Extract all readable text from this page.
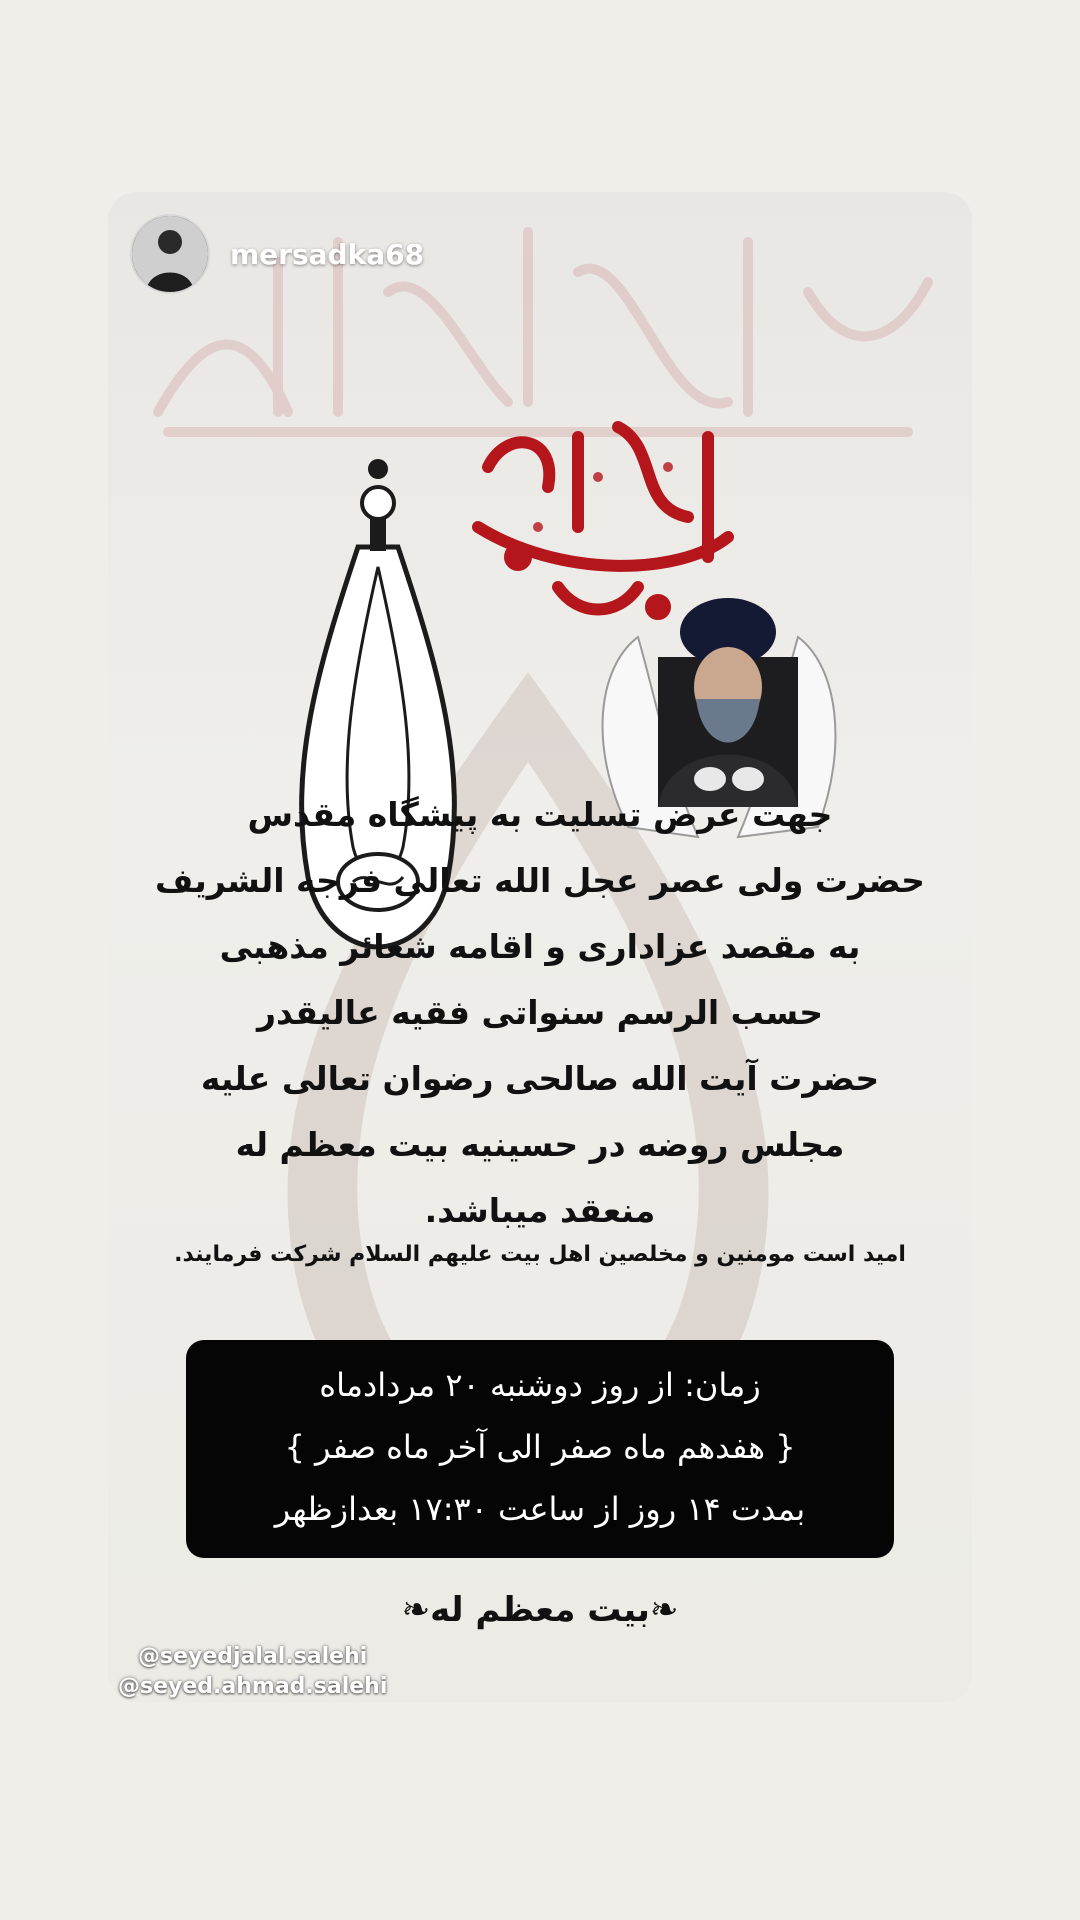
mersadka68
جهت عرض تسلیت به پیشگاه مقدس
حضرت ولی عصر عجل الله تعالی فرجه الشریف
به مقصد عزاداری و اقامه شعائر مذهبی
حسب الرسم سنواتی فقیه عالیقدر
حضرت آیت الله صالحی رضوان تعالی علیه
مجلس روضه در حسینیه بیت معظم له
منعقد میباشد.
امید است مومنین و مخلصین اهل بیت علیهم السلام شرکت فرمایند.
زمان: از روز دوشنبه ۲۰ مردادماه
{ هفدهم ماه صفر الی آخر ماه صفر }
بمدت ۱۴ روز از ساعت ۱۷:۳۰ بعدازظهر
❧بیت معظم له❧
@seyedjalal.salehi
@seyed.ahmad.salehi
